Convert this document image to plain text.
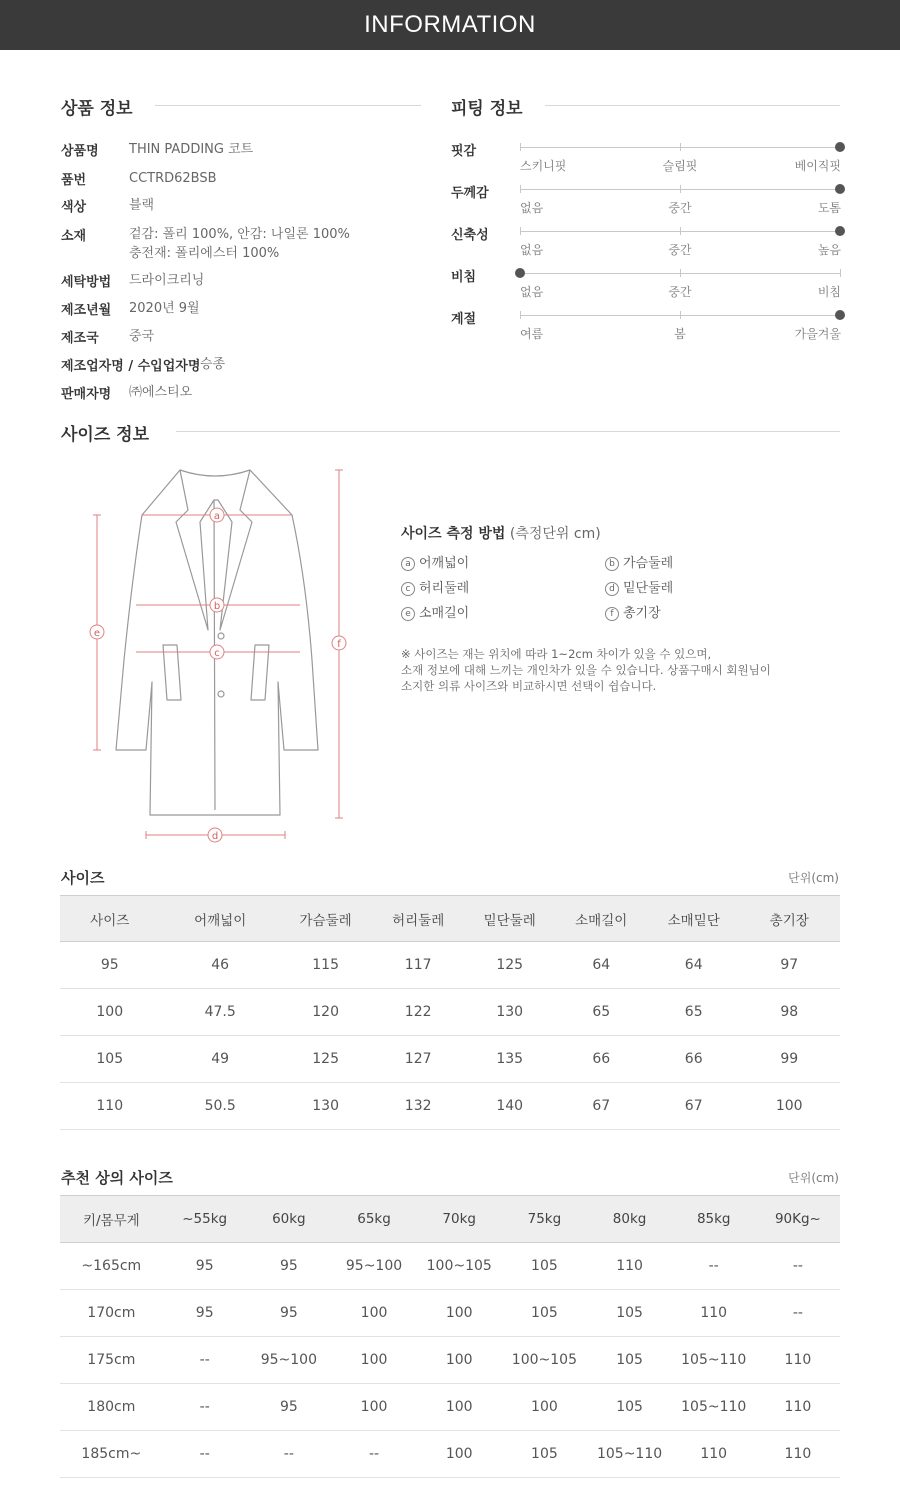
INFORMATION
상품 정보
상품명 THIN PADDING 코트
품번	CCTRD62BSB
색상	블랙
소재	겉감: 폴리 100%, 안감: 나일론 100%
충전재: 폴리에스터 100%
세탁방법 드라이크리닝
제조년월 2020년 9월
제조국 중국
제조업자명 / 수입업자명 승종
판매자명 ㈜에스티오
피팅 정보
핏감
스키니핏	슬림핏	베이직핏
두께감
없음	중간	도톰
신축성
없음	중간	높음
비침
없음	중간	비침
계절
여름	봄	가을겨울
사이즈 정보
a
b
c
d
e
f
사이즈 측정 방법 (측정단위 cm)
a 어깨넓이	b 가슴둘레
c 허리둘레	d 밑단둘레
e 소매길이	f 총기장
※ 사이즈는 재는 위치에 따라 1~2cm 차이가 있을 수 있으며,
소재 정보에 대해 느끼는 개인차가 있을 수 있습니다. 상품구매시 회원님이
소지한 의류 사이즈와 비교하시면 선택이 쉽습니다.
사이즈	단위(cm)
사이즈	어깨넓이	가슴둘레	허리둘레	밑단둘레	소매길이	소매밑단	총기장
95	46	115	117	125	64	64	97
100	47.5	120	122	130	65	65	98
105	49	125	127	135	66	66	99
110	50.5	130	132	140	67	67	100
추천 상의 사이즈	단위(cm)
키/몸무게	~55kg	60kg	65kg	70kg	75kg	80kg	85kg	90Kg~
~165cm	95	95	95~100	100~105	105	110	--	--
170cm	95	95	100	100	105	105	110	--
175cm	--	95~100	100	100	100~105	105	105~110	110
180cm	--	95	100	100	100	105	105~110	110
185cm~	--	--	--	100	105	105~110	110	110
